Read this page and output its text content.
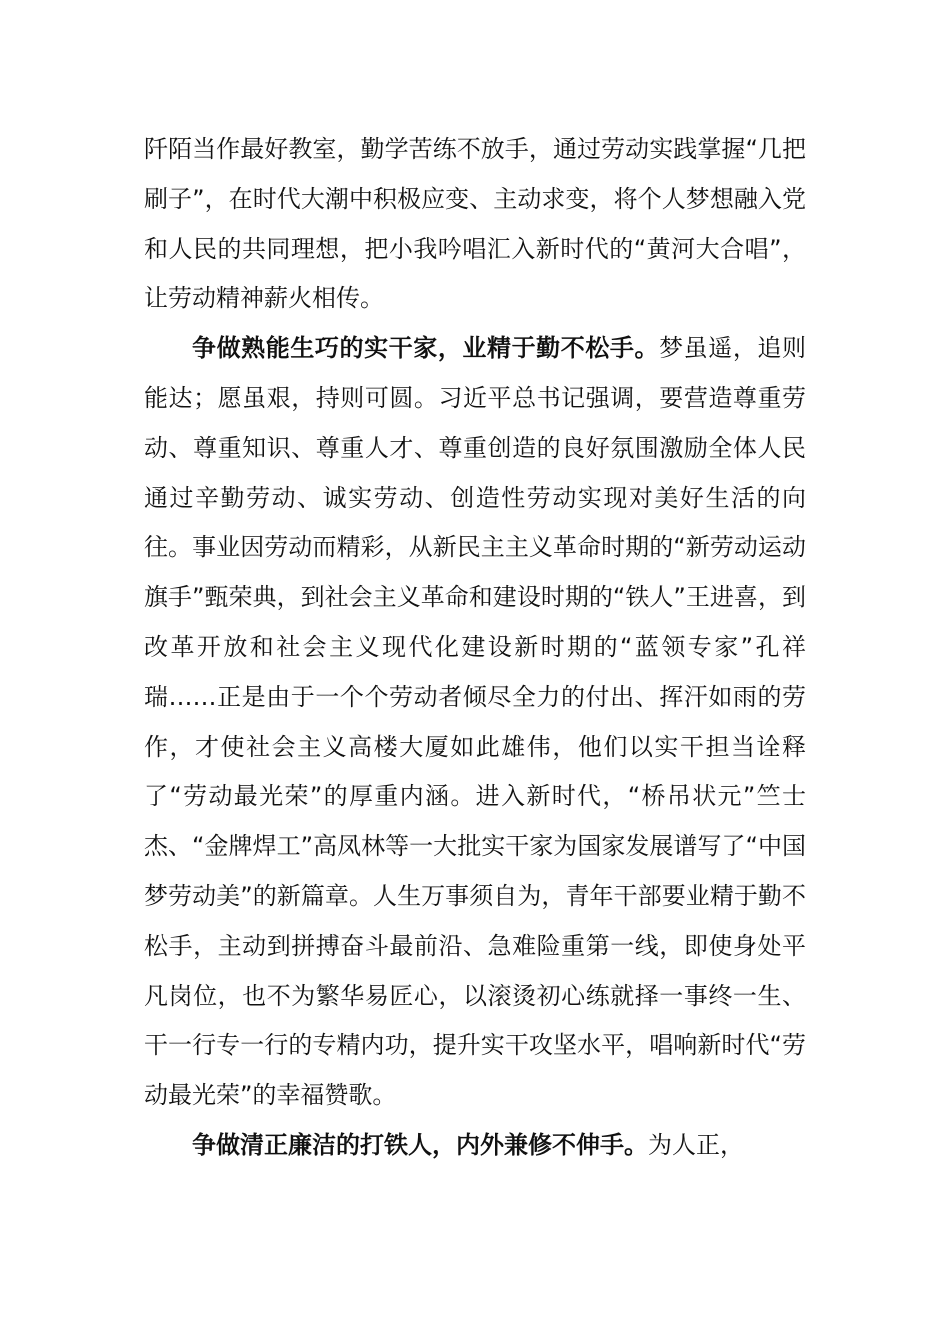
阡陌当作最好教室，勤学苦练不放手，通过劳动实践掌握“几把刷子”，在时代大潮中积极应变、主动求变，将个人梦想融入党和人民的共同理想，把小我吟唱汇入新时代的“黄河大合唱”，让劳动精神薪火相传。

争做熟能生巧的实干家，业精于勤不松手。梦虽遥，追则能达；愿虽艰，持则可圆。习近平总书记强调，要营造尊重劳动、尊重知识、尊重人才、尊重创造的良好氛围激励全体人民通过辛勤劳动、诚实劳动、创造性劳动实现对美好生活的向往。事业因劳动而精彩，从新民主主义革命时期的“新劳动运动旗手”甄荣典，到社会主义革命和建设时期的“铁人”王进喜，到改革开放和社会主义现代化建设新时期的“蓝领专家”孔祥瑞……正是由于一个个劳动者倾尽全力的付出、挥汗如雨的劳作，才使社会主义高楼大厦如此雄伟，他们以实干担当诠释了“劳动最光荣”的厚重内涵。进入新时代，“桥吊状元”竺士杰、“金牌焊工”高凤林等一大批实干家为国家发展谱写了“中国梦劳动美”的新篇章。人生万事须自为，青年干部要业精于勤不松手，主动到拼搏奋斗最前沿、急难险重第一线，即使身处平凡岗位，也不为繁华易匠心，以滚烫初心练就择一事终一生、干一行专一行的专精内功，提升实干攻坚水平，唱响新时代“劳动最光荣”的幸福赞歌。

争做清正廉洁的打铁人，内外兼修不伸手。为人正，
